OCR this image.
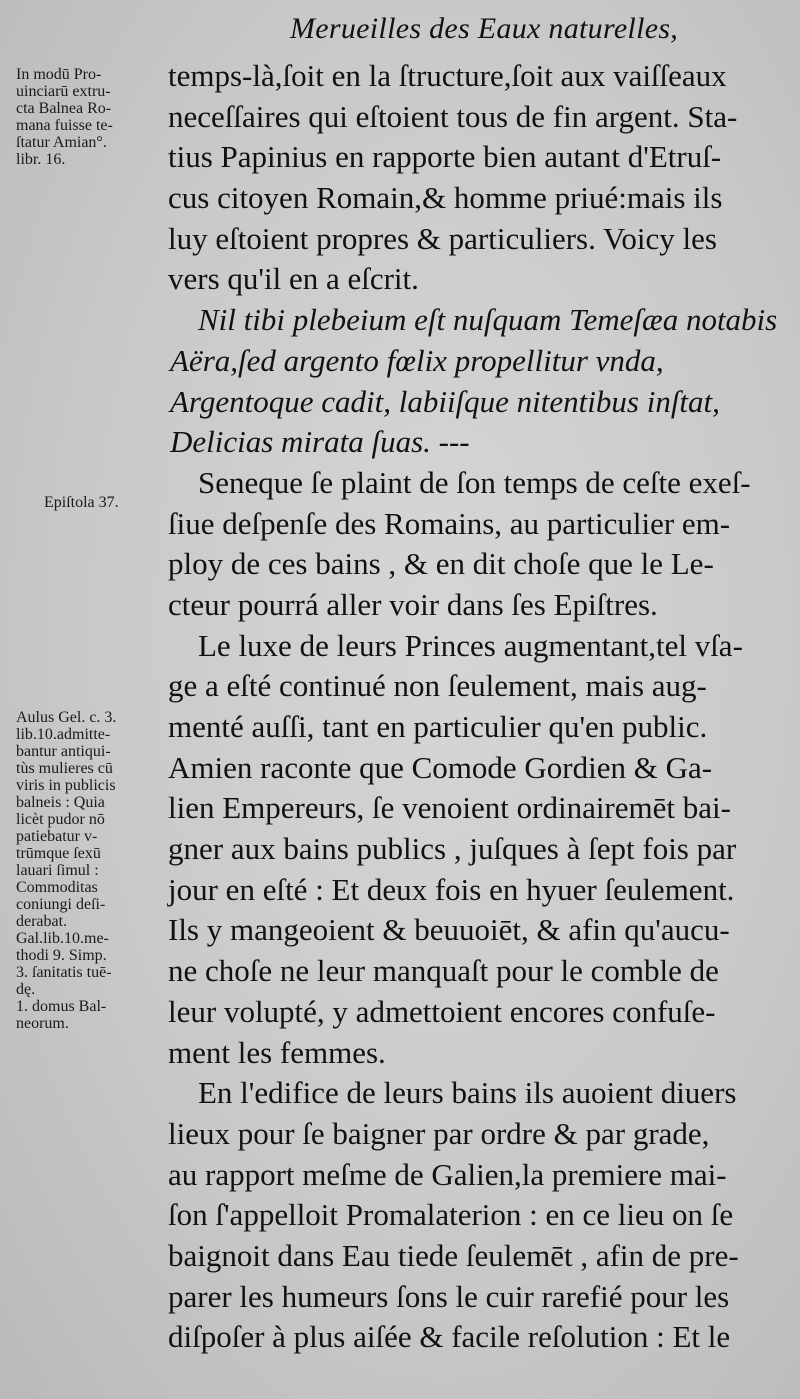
Merueilles des Eaux naturelles,
In modū Pro-
uinciarū extru-
cta Balnea Ro-
mana fuisse te-
ſtatur Amian°.
libr. 16.
Epiſtola 37.
Aulus Gel. c. 3.
lib.10.admitte-
bantur antiqui-
tùs mulieres cū
viris in publicis
balneis : Quia
licèt pudor nō
patiebatur v-
trūmque ſexū
lauari ſimul :
Commoditas
coniungi deſi-
derabat.
Gal.lib.10.me-
thodi 9. Simp.
3. ſanitatis tuē-
dę.
1. domus Bal-
neorum.
temps-là,ſoit en la ſtructure,ſoit aux vaiſſeaux
neceſſaires qui eſtoient tous de fin argent. Sta-
tius Papinius en rapporte bien autant d'Etruſ-
cus citoyen Romain,& homme priué:mais ils
luy eſtoient propres & particuliers. Voicy les
vers qu'il en a eſcrit.
Nil tibi plebeium eſt nuſquam Temeſæa notabis
Aëra,ſed argento fœlix propellitur vnda,
Argentoque cadit, labiiſque nitentibus inſtat,
Delicias mirata ſuas. ---
Seneque ſe plaint de ſon temps de ceſte exeſ-
ſiue deſpenſe des Romains, au particulier em-
ploy de ces bains , & en dit choſe que le Le-
cteur pourrá aller voir dans ſes Epiſtres.
Le luxe de leurs Princes augmentant,tel vſa-
ge a eſté continué non ſeulement, mais aug-
menté auſſi, tant en particulier qu'en public.
Amien raconte que Comode Gordien & Ga-
lien Empereurs, ſe venoient ordinairemēt bai-
gner aux bains publics , juſques à ſept fois par
jour en eſté : Et deux fois en hyuer ſeulement.
Ils y mangeoient & beuuoiēt, & afin qu'aucu-
ne choſe ne leur manquaſt pour le comble de
leur volupté, y admettoient encores confuſe-
ment les femmes.
En l'edifice de leurs bains ils auoient diuers
lieux pour ſe baigner par ordre & par grade,
au rapport meſme de Galien,la premiere mai-
ſon ſ'appelloit Promalaterion : en ce lieu on ſe
baignoit dans Eau tiede ſeulemēt , afin de pre-
parer les humeurs ſons le cuir rarefié pour les
diſpoſer à plus aiſée & facile reſolution : Et le
